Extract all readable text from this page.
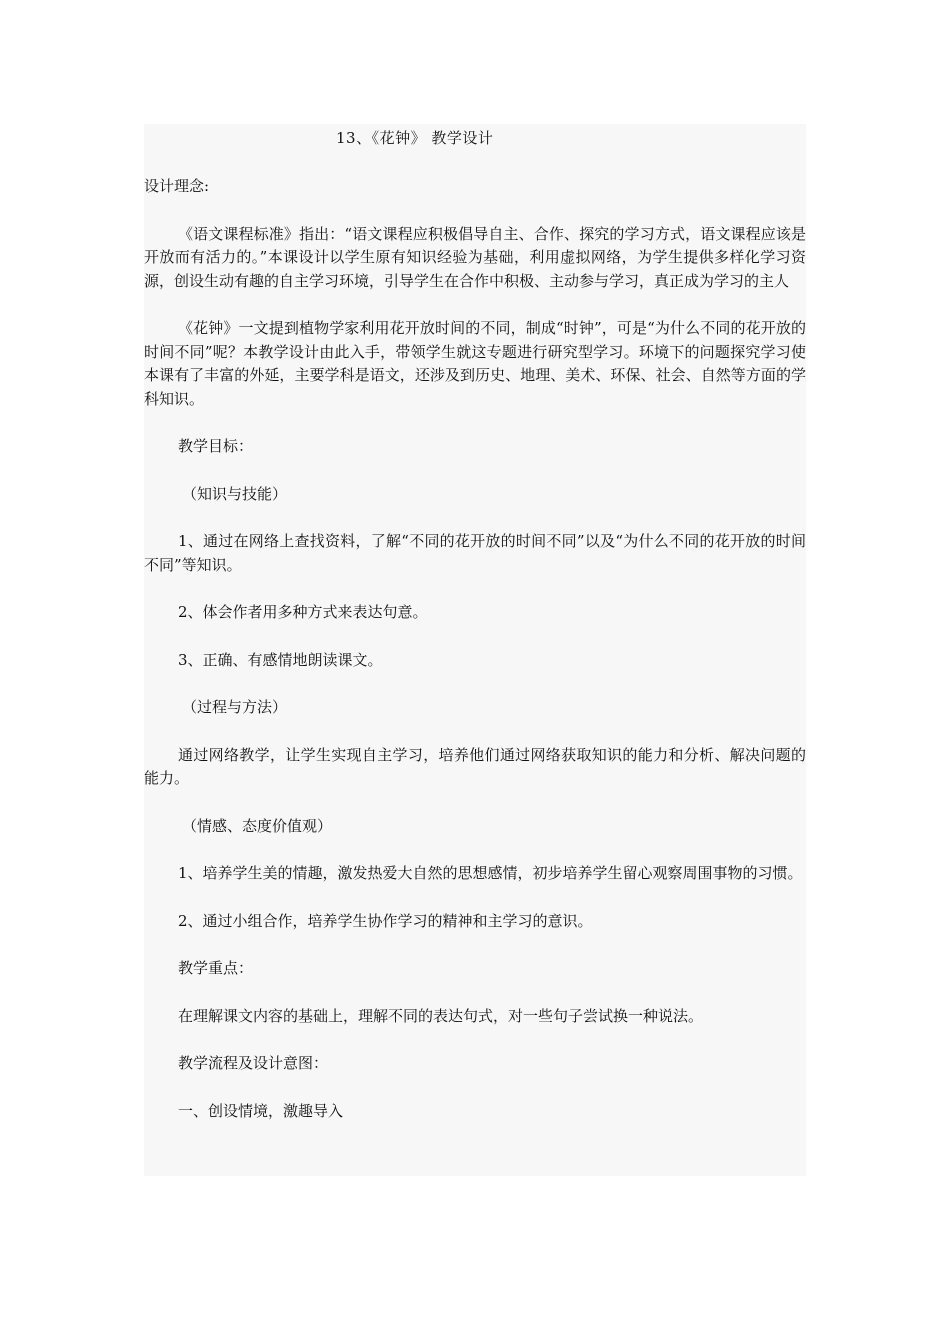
13、《花钟》 教学设计

设计理念:

《语文课程标准》指出：“语文课程应积极倡导自主、合作、探究的学习方式，语文课程应该是开放而有活力的。”本课设计以学生原有知识经验为基础，利用虚拟网络，为学生提供多样化学习资源，创设生动有趣的自主学习环境，引导学生在合作中积极、主动参与学习，真正成为学习的主人

《花钟》一文提到植物学家利用花开放时间的不同，制成“时钟”，可是“为什么不同的花开放的时间不同”呢？本教学设计由此入手，带领学生就这专题进行研究型学习。环境下的问题探究学习使本课有了丰富的外延，主要学科是语文，还涉及到历史、地理、美术、环保、社会、自然等方面的学科知识。

教学目标：

（知识与技能）

1、通过在网络上查找资料，了解“不同的花开放的时间不同”以及“为什么不同的花开放的时间不同”等知识。

2、体会作者用多种方式来表达句意。

3、正确、有感情地朗读课文。

（过程与方法）

通过网络教学，让学生实现自主学习，培养他们通过网络获取知识的能力和分析、解决问题的能力。

（情感、态度价值观）

1、培养学生美的情趣，激发热爱大自然的思想感情，初步培养学生留心观察周围事物的习惯。

2、通过小组合作，培养学生协作学习的精神和主学习的意识。

教学重点：

在理解课文内容的基础上，理解不同的表达句式，对一些句子尝试换一种说法。

教学流程及设计意图：

一、创设情境，激趣导入
